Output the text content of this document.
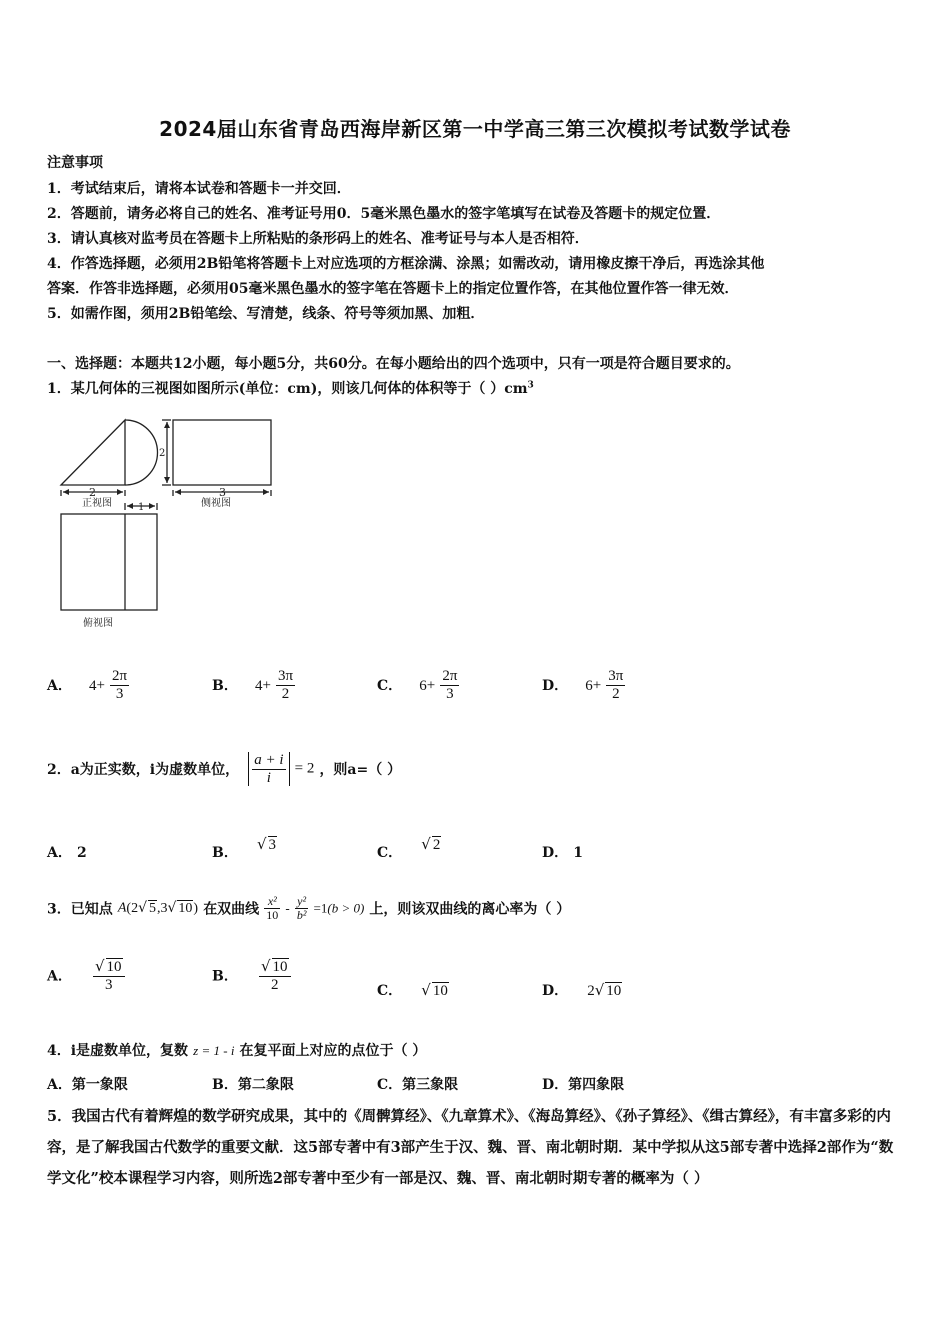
2024届山东省青岛西海岸新区第一中学高三第三次模拟考试数学试卷
注意事项
1．考试结束后，请将本试卷和答题卡一并交回．
2．答题前，请务必将自己的姓名、准考证号用0．5毫米黑色墨水的签字笔填写在试卷及答题卡的规定位置．
3．请认真核对监考员在答题卡上所粘贴的条形码上的姓名、准考证号与本人是否相符．
4．作答选择题，必须用2B铅笔将答题卡上对应选项的方框涂满、涂黑；如需改动，请用橡皮擦干净后，再选涂其他
答案．作答非选择题，必须用05毫米黑色墨水的签字笔在答题卡上的指定位置作答，在其他位置作答一律无效．
5．如需作图，须用2B铅笔绘、写清楚，线条、符号等须加黑、加粗．
一、选择题：本题共12小题，每小题5分，共60分。在每小题给出的四个选项中，只有一项是符合题目要求的。
1．某几何体的三视图如图所示(单位：cm)，则该几何体的体积等于（ ）$cm^3$
2	3
2
1
正视图	侧视图
俯视图
A． $4+ \frac{2\pi}{3}$	B． $4+ \frac{3\pi}{2}$	C． $6+ \frac{2\pi}{3}$	D． $6+ \frac{3\pi}{2}$
2．a为正实数，i为虚数单位， $\frac{a + i}{i} = 2$ ，则a=（ ）
A． 2	B． √ 3	C． √ 2	D． 1
3．已知点 A(2√ 5,3√ 10) 在双曲线 $\frac{\text{x²}}{10} - \frac{\text{y²}}{\text{b²}} =1(b > 0)$ 上，则该双曲线的离心率为（ ）
A． $\frac{√ 10}{3}$	B． $\frac{√ 10}{2}$	C． √ 10	D． 2√ 10
4．i是虚数单位，复数 z = 1 - i 在复平面上对应的点位于（ ）
A．第一象限	B．第二象限	C．第三象限	D．第四象限
5．我国古代有着辉煌的数学研究成果，其中的《周髀算经》、《九章算术》、《海岛算经》、《孙子算经》、《缉古算经》，有丰富多彩的内容，是了解我国古代数学的重要文献．这5部专著中有3部产生于汉、魏、晋、南北朝时期．某中学拟从这5部专著中选择2部作为“数学文化”校本课程学习内容，则所选2部专著中至少有一部是汉、魏、晋、南北朝时期专著的概率为（ ）
